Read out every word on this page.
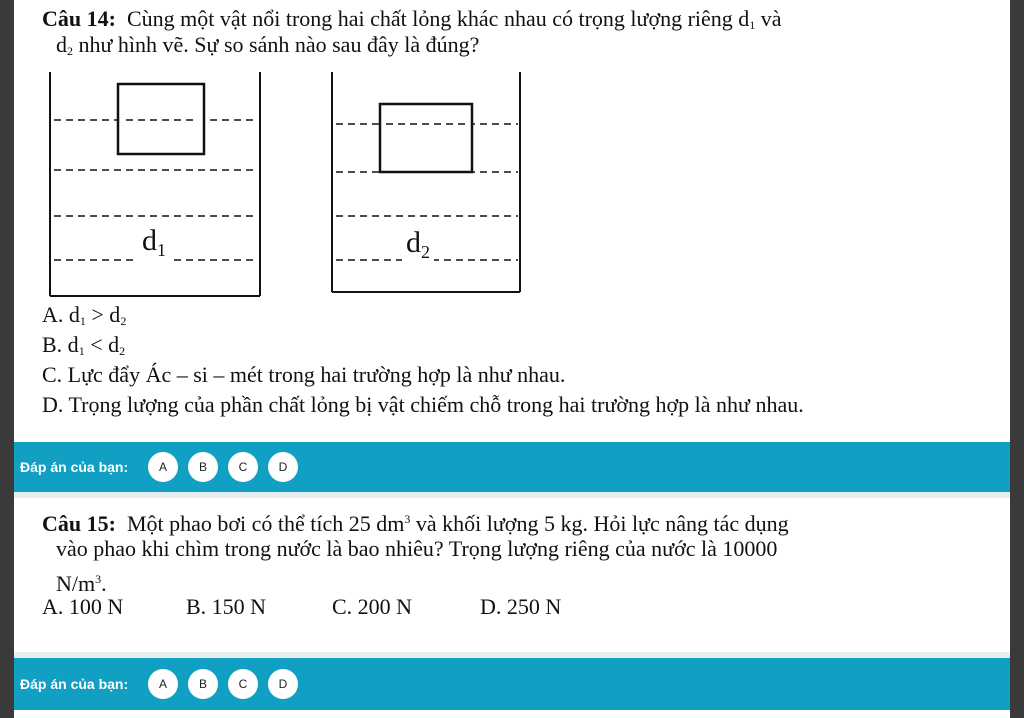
Câu 14: Cùng một vật nổi trong hai chất lỏng khác nhau có trọng lượng riêng $d_1$ và
$d_2$ như hình vẽ. Sự so sánh nào sau đây là đúng?
$d_1$	$d_2$
A. $d_1 > d_2$
B. $d_1 < d_2$
C. Lực đẩy Ác – si – mét trong hai trường hợp là như nhau.
D. Trọng lượng của phần chất lỏng bị vật chiếm chỗ trong hai trường hợp là như nhau.
Đáp án của bạn:	A	B	C	D
Câu 15: Một phao bơi có thể tích 25 $dm^3$ và khối lượng 5 kg. Hỏi lực nâng tác dụng
vào phao khi chìm trong nước là bao nhiêu? Trọng lượng riêng của nước là 10000
$N/m^3$.
A. 100 N	B. 150 N	C. 200 N	D. 250 N
Đáp án của bạn:	A	B	C	D
